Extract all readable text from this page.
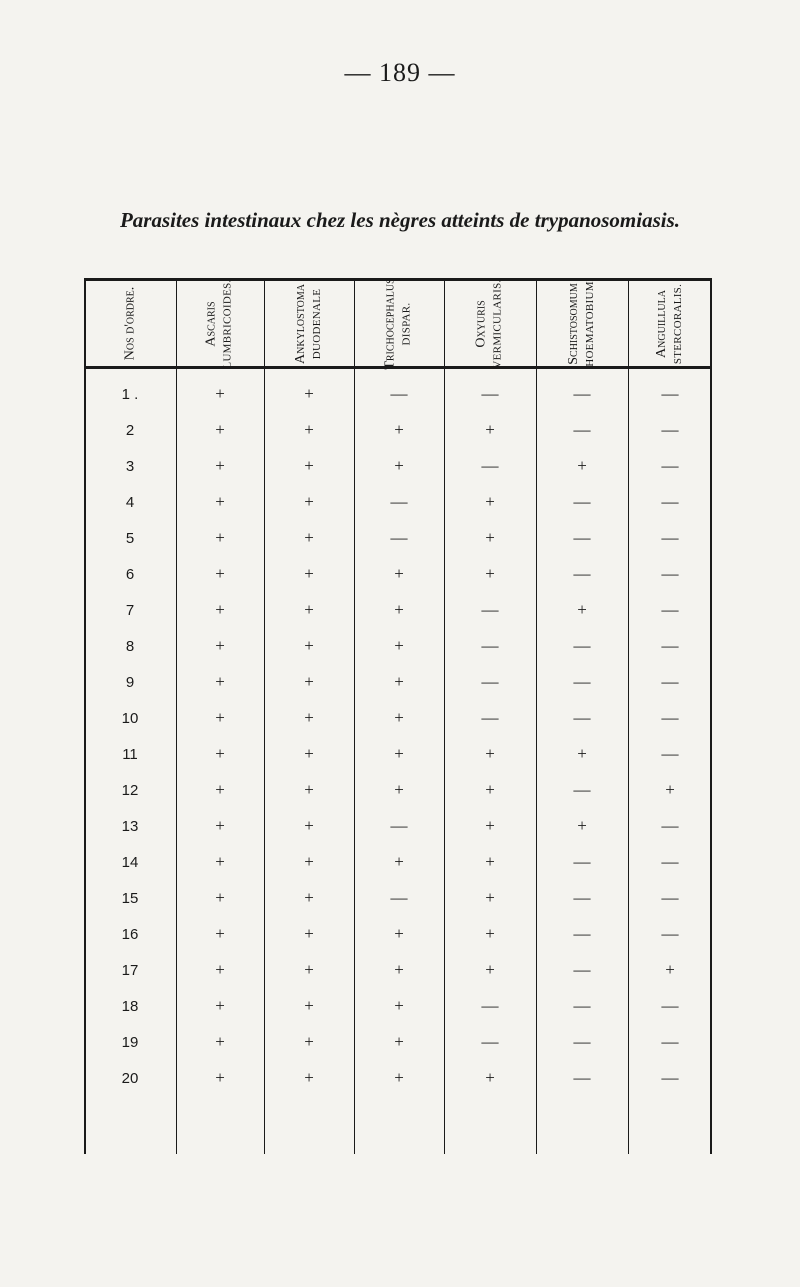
— 189 —
Parasites intestinaux chez les nègres atteints de trypanosomiasis.
Nos d'ordre.	Ascaris LUMBRICOIDES.	Ankylostoma DUODENALE	Trichocephalus DISPAR.	Oxyuris VERMICULARIS.	Schistosomum HOEMATOBIUM	Anguillula STERCORALIS.
1 .	+	+	—	—	—	—
2	+	+	+	+	—	—
3	+	+	+	—	+	—
4	+	+	—	+	—	—
5	+	+	—	+	—	—
6	+	+	+	+	—	—
7	+	+	+	—	+	—
8	+	+	+	—	—	—
9	+	+	+	—	—	—
10	+	+	+	—	—	—
11	+	+	+	+	+	—
12	+	+	+	+	—	+
13	+	+	—	+	+	—
14	+	+	+	+	—	—
15	+	+	—	+	—	—
16	+	+	+	+	—	—
17	+	+	+	+	—	+
18	+	+	+	—	—	—
19	+	+	+	—	—	—
20	+	+	+	+	—	—
